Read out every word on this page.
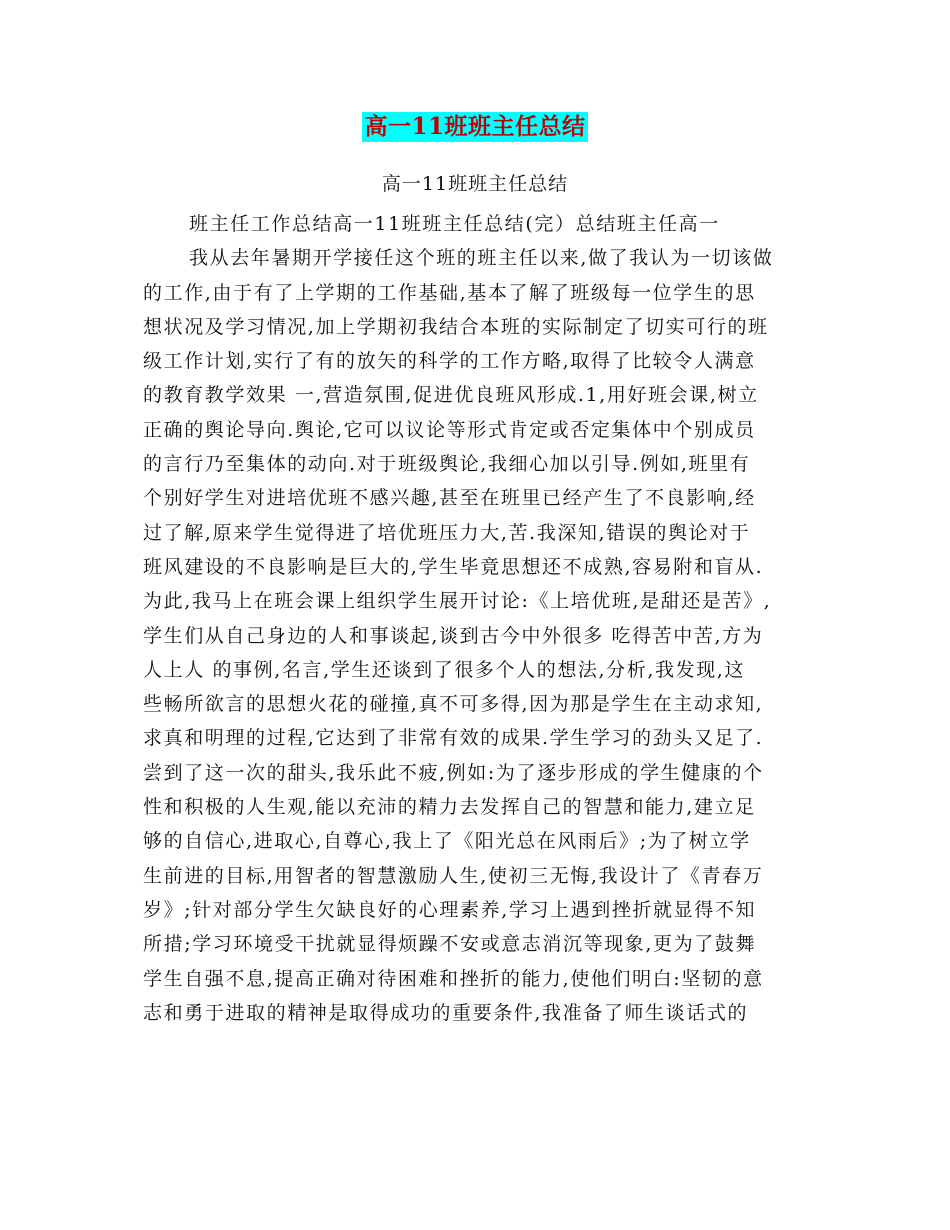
高一11班班主任总结
高一11班班主任总结
班主任工作总结高一11班班主任总结(完）总结班主任高一
我从去年暑期开学接任这个班的班主任以来,做了我认为一切该做
的工作,由于有了上学期的工作基础,基本了解了班级每一位学生的思
想状况及学习情况,加上学期初我结合本班的实际制定了切实可行的班
级工作计划,实行了有的放矢的科学的工作方略,取得了比较令人满意
的教育教学效果 一,营造氛围,促进优良班风形成.1,用好班会课,树立
正确的舆论导向.舆论,它可以议论等形式肯定或否定集体中个别成员
的言行乃至集体的动向.对于班级舆论,我细心加以引导.例如,班里有
个别好学生对进培优班不感兴趣,甚至在班里已经产生了不良影响,经
过了解,原来学生觉得进了培优班压力大,苦.我深知,错误的舆论对于
班风建设的不良影响是巨大的,学生毕竟思想还不成熟,容易附和盲从.
为此,我马上在班会课上组织学生展开讨论:《上培优班,是甜还是苦》,
学生们从自己身边的人和事谈起,谈到古今中外很多 吃得苦中苦,方为
人上人 的事例,名言,学生还谈到了很多个人的想法,分析,我发现,这
些畅所欲言的思想火花的碰撞,真不可多得,因为那是学生在主动求知,
求真和明理的过程,它达到了非常有效的成果.学生学习的劲头又足了.
尝到了这一次的甜头,我乐此不疲,例如:为了逐步形成的学生健康的个
性和积极的人生观,能以充沛的精力去发挥自己的智慧和能力,建立足
够的自信心,进取心,自尊心,我上了《阳光总在风雨后》;为了树立学
生前进的目标,用智者的智慧激励人生,使初三无悔,我设计了《青春万
岁》;针对部分学生欠缺良好的心理素养,学习上遇到挫折就显得不知
所措;学习环境受干扰就显得烦躁不安或意志消沉等现象,更为了鼓舞
学生自强不息,提高正确对待困难和挫折的能力,使他们明白:坚韧的意
志和勇于进取的精神是取得成功的重要条件,我准备了师生谈话式的
